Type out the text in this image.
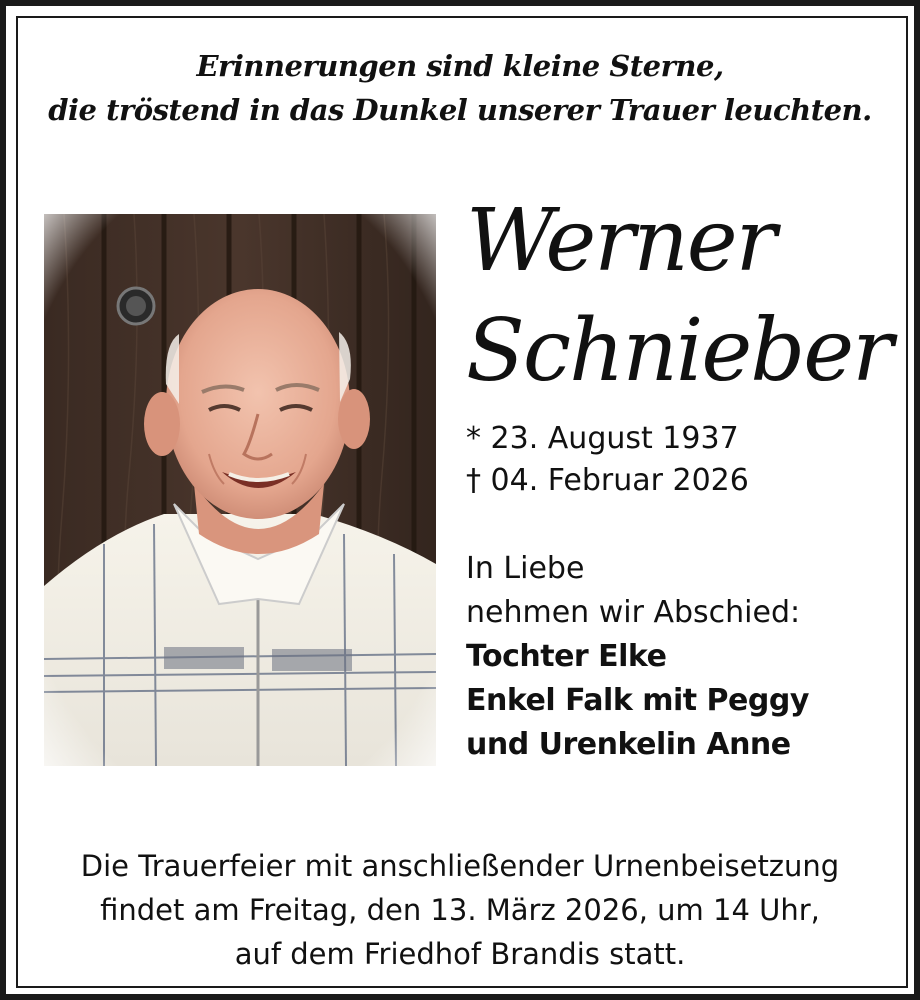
Erinnerungen sind kleine Sterne,
die tröstend in das Dunkel unserer Trauer leuchten.
Werner
Schnieber
* 23. August 1937
† 04. Februar 2026
In Liebe
nehmen wir Abschied:
Tochter Elke
Enkel Falk mit Peggy
und Urenkelin Anne
Die Trauerfeier mit anschließender Urnenbeisetzung
findet am Freitag, den 13. März 2026, um 14 Uhr,
auf dem Friedhof Brandis statt.
